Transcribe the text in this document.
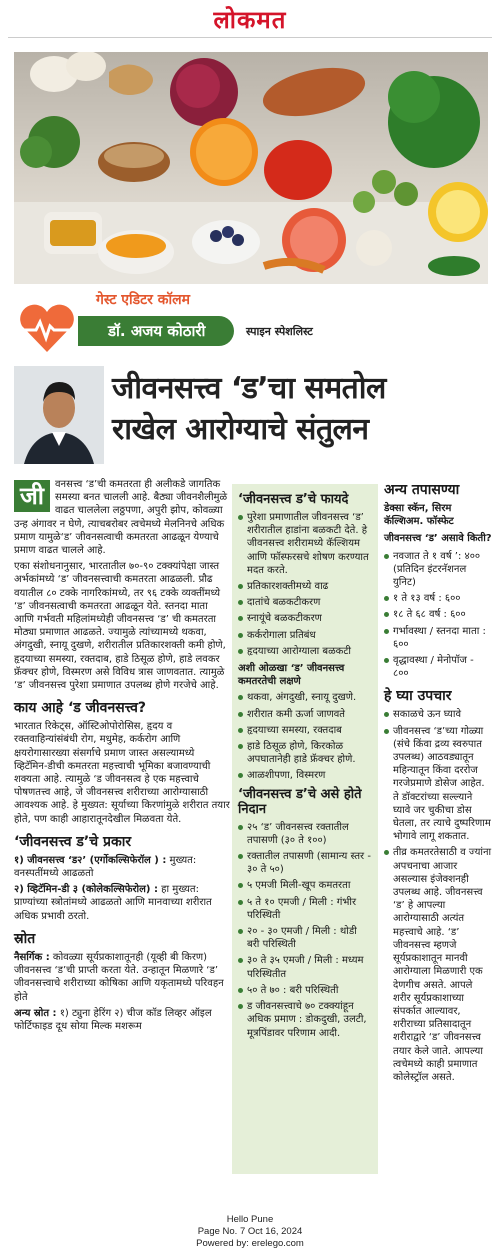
लोकमत
गेस्ट एडिटर कॉलम
डॉ. अजय कोठारी	स्पाइन स्पेशलिस्ट
जीवनसत्त्व ‘ड’चा समतोल
राखेल आरोग्याचे संतुलन
जी	वनसत्त्व ‘ड’ची कमतरता ही अलीकडे जागतिक समस्या बनत चालली आहे. बैठ्या जीवनशैलीमुळे वाढत चाललेला लठ्ठपणा, अपुरी झोप, कोवळ्या उन्ह अंगावर न घेणे, त्याचबरोबर त्वचेमध्ये मेलनिनचे अधिक प्रमाण यामुळे‘ड’ जीवनसत्वाची कमतरता आढळून येण्याचे प्रमाण वाढत चालले आहे.

एका संशोधनानुसार, भारतातील ७०-९० टक्क्यांपेक्षा जास्त अर्भकांमध्ये ‘ड’ जीवनसत्त्वाची कमतरता आढळली. प्रौढ वयातील ८० टक्के नागरिकांमध्ये, तर ९६ टक्के व्यक्तींमध्ये ‘ड’ जीवनसत्वाची कमतरता आढळून येते. स्तनदा माता आणि गर्भवती महिलांमध्येही जीवनसत्त्व ‘ड’ ची कमतरता मोठ्या प्रमाणात आढळते. ज्यामुळे त्यांच्यामध्ये थकवा, अंगदुखी, स्नायू दुखणे, शरीरातील प्रतिकारशक्ती कमी होणे, हृदयाच्या समस्या, रक्तदाब, हाडे ठिसूळ होणे, हाडे लवकर फ्रॅक्चर होणे, विस्मरण असे विविध त्रास जाणवतात. त्यामुळे ‘ड’ जीवनसत्त्व पुरेशा प्रमाणात उपलब्ध होणे गरजेचे आहे.

काय आहे ‘ड जीवनसत्त्व?

भारतात रिकेट्स, ऑस्टिओपोरोसिस, हृदय व रक्तवाहिन्यांसंबंधी रोग, मधुमेह, कर्करोग आणि क्षयरोगासारख्या संसर्गाचे प्रमाण जास्त असल्यामध्ये व्हिटॅमिन-डीची कमतरता महत्त्वाची भूमिका बजावण्याची शक्यता आहे. त्यामुळे ‘ड जीवनसत्व हे एक महत्त्वाचे पोषणतत्त्व आहे, जे जीवनसत्त्व शरीराच्या आरोग्यासाठी आवश्यक आहे. हे मुख्यत: सूर्याच्या किरणांमुळे शरीरात तयार होते, पण काही आहारातूनदेखील मिळवता येते.

‘जीवनसत्त्व ड’चे प्रकार

१) जीवनसत्त्व ‘ड२’ (एर्गोकल्सिफेरॉल ) : मुख्यत: वनस्पतींमध्ये आढळतो

२) व्हिटॅमिन-डी ३ (कोलेकल्सिफेरोल) : हा मुख्यत: प्राण्यांच्या स्त्रोतांमध्ये आढळतो आणि मानवाच्या शरीरात अधिक प्रभावी ठरतो.

स्रोत

नैसर्गिक : कोवळ्या सूर्यप्रकाशातूनही (यूव्ही बी किरण) जीवनसत्त्व ‘ड’ची प्राप्ती करता येते. उन्हातून मिळणारे ‘ड’ जीवनसत्त्वाचे शरीराच्या कोषिका आणि यकृतामध्ये परिवहन होते

अन्य स्रोत : १) ट्युना हेरिंग २) चीज कॉड लिव्हर ऑइल फोर्टिफाइड दूध सोया मिल्क मशरूम

‘जीवनसत्त्व ड’चे फायदे
पुरेशा प्रमाणातील जीवनसत्त्व ‘ड’ शरीरातील हाडांना बळकटी देते. हे जीवनसत्त्व शरीरामध्ये कॅल्शियम आणि फॉस्फरसचे शोषण करण्यात मदत करते.
प्रतिकारशक्तीमध्ये वाढ
दातांचे बळकटीकरण
स्नायूंचे बळकटीकरण
कर्करोगाला प्रतिबंध
हृदयाच्या आरोग्याला बळकटी
अशी ओळखा ‘ड’ जीवनसत्त्व कमतरतेची लक्षणे
थकवा, अंगदुखी, स्नायू दुखणे.
शरीरात कमी ऊर्जा जाणवते
हृदयाच्या समस्या, रक्तदाब
हाडे ठिसूळ होणे, किरकोळ अपघातानेही हाडे फ्रॅक्चर होणे.
आळशीपणा, विस्मरण
‘जीवनसत्त्व ड’चे असे होते निदान
२५ ‘ड’ जीवनसत्त्व रक्तातील तपासणी (३० ते १००)
रक्तातील तपासणी (सामान्य स्तर - ३० ते ५०)
५ एमजी मिली-खूप कमतरता
५ ते १० एमजी / मिली : गंभीर परिस्थिती
२० - ३० एमजी / मिली : थोडी बरी परिस्थिती
३० ते ३५ एमजी / मिली : मध्यम परिस्थितीत
५० ते ७० : बरी परिस्थिती
ड जीवनसत्त्वाचे ७० टक्क्यांहून अधिक प्रमाण : डोकदुखी, उलटी, मूत्रपिंडावर परिणाम आदी.
अन्य तपासण्या

डेक्सा स्कॅन, सिरम कॅल्शिअम. फॉस्फेट

जीवनसत्त्व ‘ड’ असावे किती?

नवजात ते १ वर्ष ’: ४०० (प्रतिदिन इंटरनॅशनल युनिट)
१ ते १३ वर्ष : ६००
१८ ते ६८ वर्ष : ६००
गर्भावस्था / स्तनदा माता : ६००
वृद्धावस्था / मेनोपॉज - ८००
हे घ्या उपचार
सकाळचे ऊन घ्यावे
जीवनसत्त्व ‘ड’च्या गोळ्या (संचे किंवा द्रव्य स्वरुपात उपलब्ध) आठवड्यातून महिन्यातून किंवा दररोज गरजेप्रमाणे डोसेज आहेत. ते डॉक्टरांच्या सल्ल्याने घ्यावे जर चुकीचा डोस घेतला, तर त्याचे दुष्परिणाम भोगावे लागू शकतात.
तीव्र कमतरतेसाठी व ज्यांना अपचनाचा आजार असल्यास इंजेक्शनही उपलब्ध आहे. जीवनसत्त्व ‘ड’ हे आपल्या आरोग्यासाठी अत्यंत महत्त्वाचे आहे. ‘ड’ जीवनसत्त्व म्हणजे सूर्यप्रकाशातून मानवी आरोग्याला मिळणारी एक देणगीच असते. आपले शरीर सूर्यप्रकाशाच्या संपर्कात आल्यावर, शरीराच्या प्रतिसादातून शरीराद्वारे ‘ड’ जीवनसत्त्व तयार केले जाते. आपल्या त्वचेमध्ये काही प्रमाणात कोलेस्ट्रॉल असते.
Hello Pune
Page No. 7 Oct 16, 2024
Powered by: erelego.com
